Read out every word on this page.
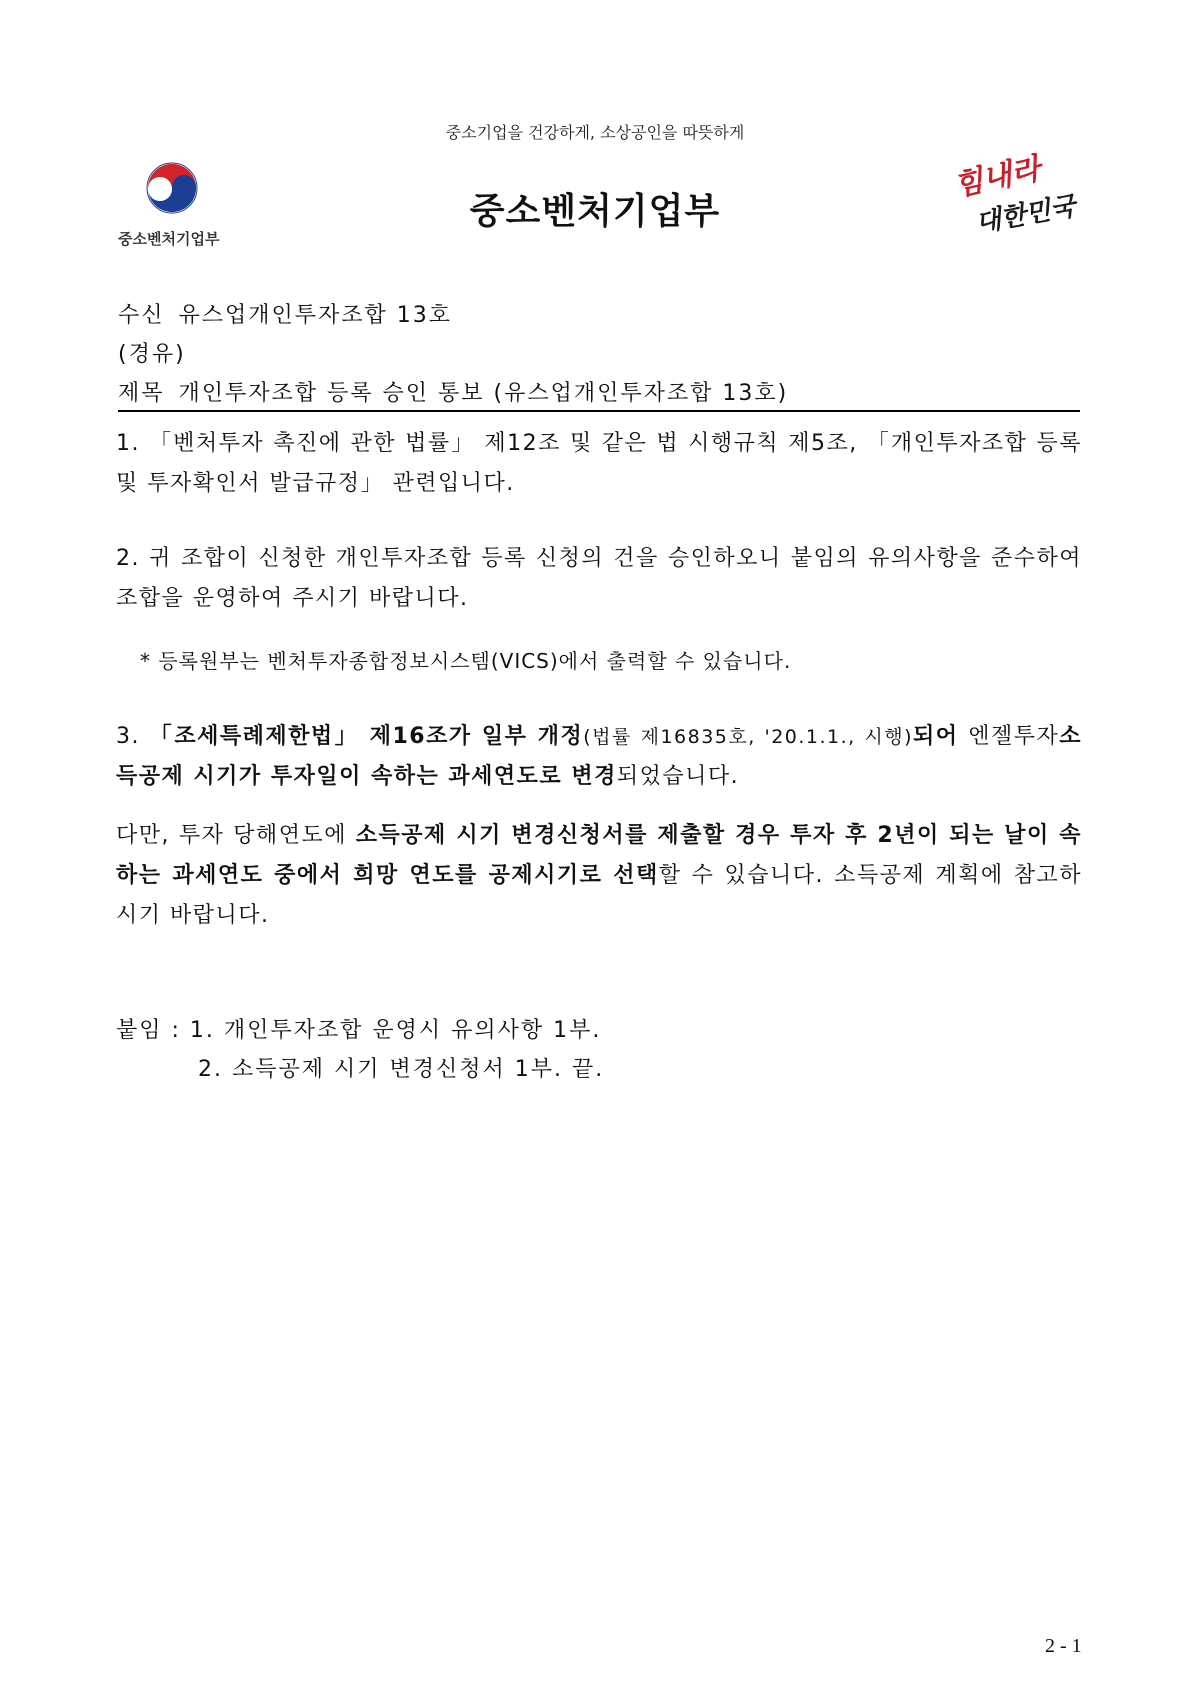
중소기업을 건강하게, 소상공인을 따뜻하게
중소벤처기업부
중소벤처기업부
힘내라
대한민국
수신 유스업개인투자조합 13호
(경유)
제목 개인투자조합 등록 승인 통보 (유스업개인투자조합 13호)
1. 「벤처투자 촉진에 관한 법률」 제12조 및 같은 법 시행규칙 제5조, 「개인투자조합 등록 및 투자확인서 발급규정」 관련입니다.
2. 귀 조합이 신청한 개인투자조합 등록 신청의 건을 승인하오니 붙임의 유의사항을 준수하여 조합을 운영하여 주시기 바랍니다.
* 등록원부는 벤처투자종합정보시스템(VICS)에서 출력할 수 있습니다.
3. 「조세특례제한법」 제16조가 일부 개정(법률 제16835호, '20.1.1., 시행)되어 엔젤투자소득공제 시기가 투자일이 속하는 과세연도로 변경되었습니다.
다만, 투자 당해연도에 소득공제 시기 변경신청서를 제출할 경우 투자 후 2년이 되는 날이 속하는 과세연도 중에서 희망 연도를 공제시기로 선택할 수 있습니다. 소득공제 계획에 참고하시기 바랍니다.
붙임 : 1. 개인투자조합 운영시 유의사항 1부.
2. 소득공제 시기 변경신청서 1부. 끝.
2 - 1
